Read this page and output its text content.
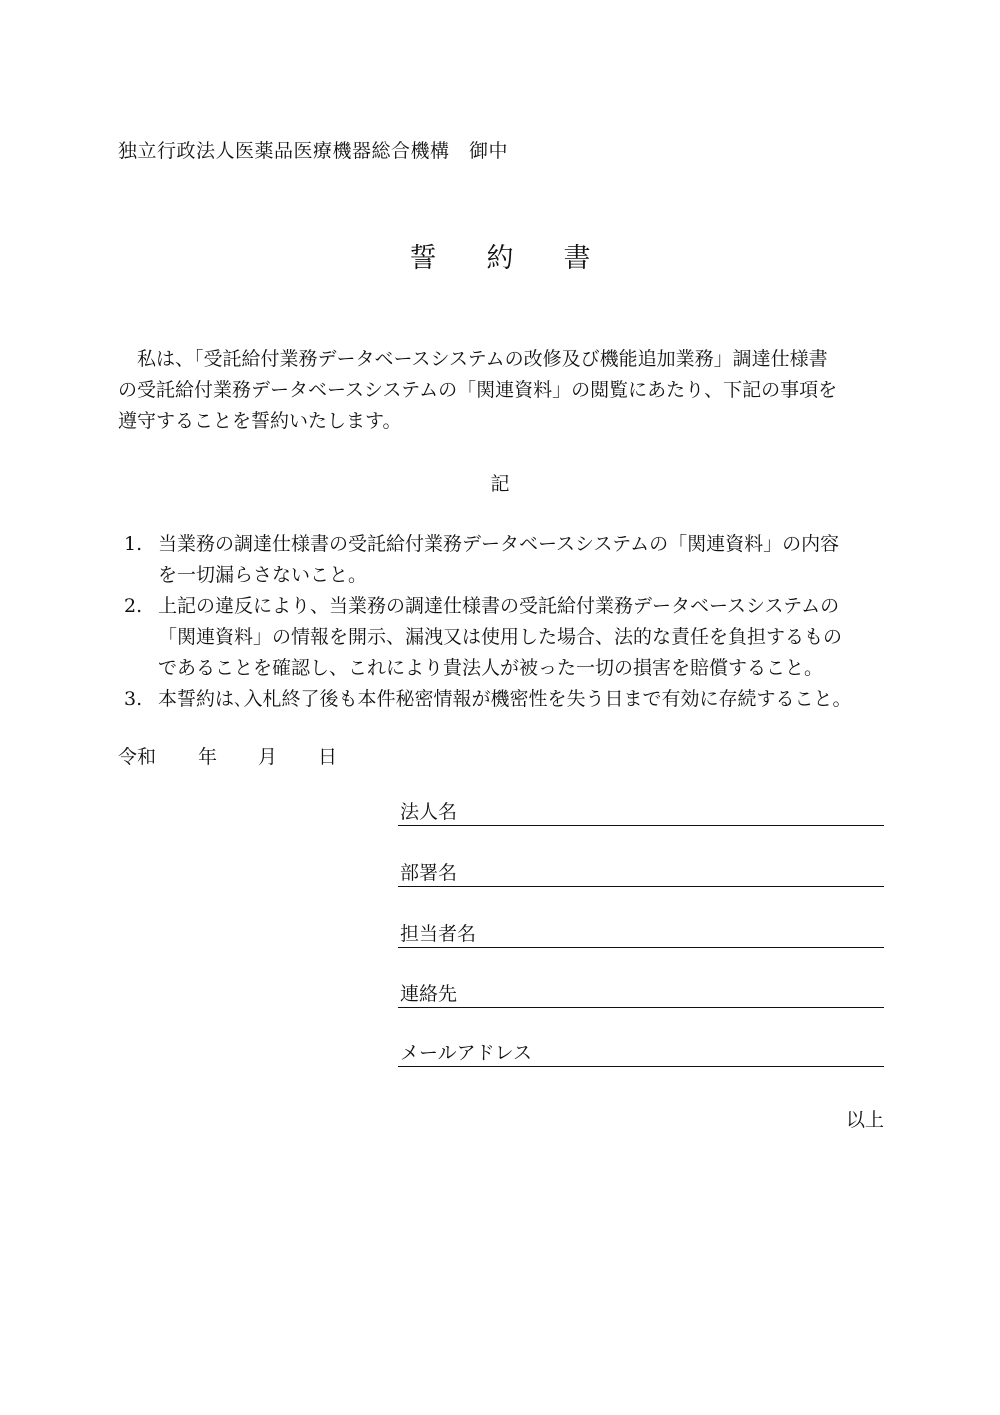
独立行政法人医薬品医療機器総合機構　御中
誓 約 書
　私は、「受託給付業務データベースシステムの改修及び機能追加業務」調達仕様書
の受託給付業務データベースシステムの「関連資料」の閲覧にあたり、下記の事項を
遵守することを誓約いたします。
記
1. 当業務の調達仕様書の受託給付業務データベースシステムの「関連資料」の内容
を一切漏らさないこと。
2. 上記の違反により、当業務の調達仕様書の受託給付業務データベースシステムの
「関連資料」の情報を開示、漏洩又は使用した場合、法的な責任を負担するもの
であることを確認し、これにより貴法人が被った一切の損害を賠償すること。
3. 本誓約は､入札終了後も本件秘密情報が機密性を失う日まで有効に存続すること。
令和	年	月	日
法人名
部署名
担当者名
連絡先
メールアドレス
以上
